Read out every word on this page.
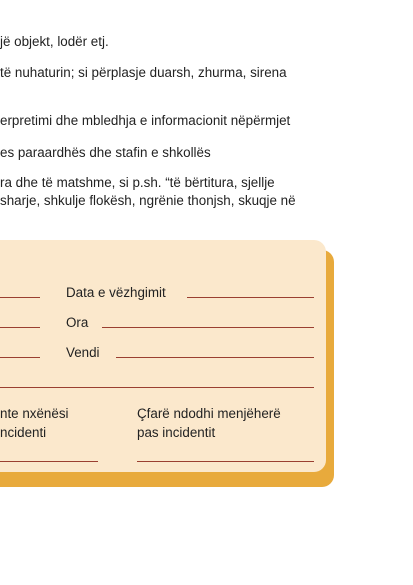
jë objekt, lodër etj.
të nuhaturin; si përplasje duarsh, zhurma, sirena
erpretimi dhe mbledhja e informacionit nëpërmjet
es paraardhës dhe stafin e shkollës
ra dhe të matshme, si p.sh. “të bërtitura, sjellje
sharje, shkulje flokësh, ngrënie thonjsh, skuqje në
Data e vëzhgimit
Ora
Vendi
nte nxënësi
ncidenti
Çfarë ndodhi menjëherë
pas incidentit
